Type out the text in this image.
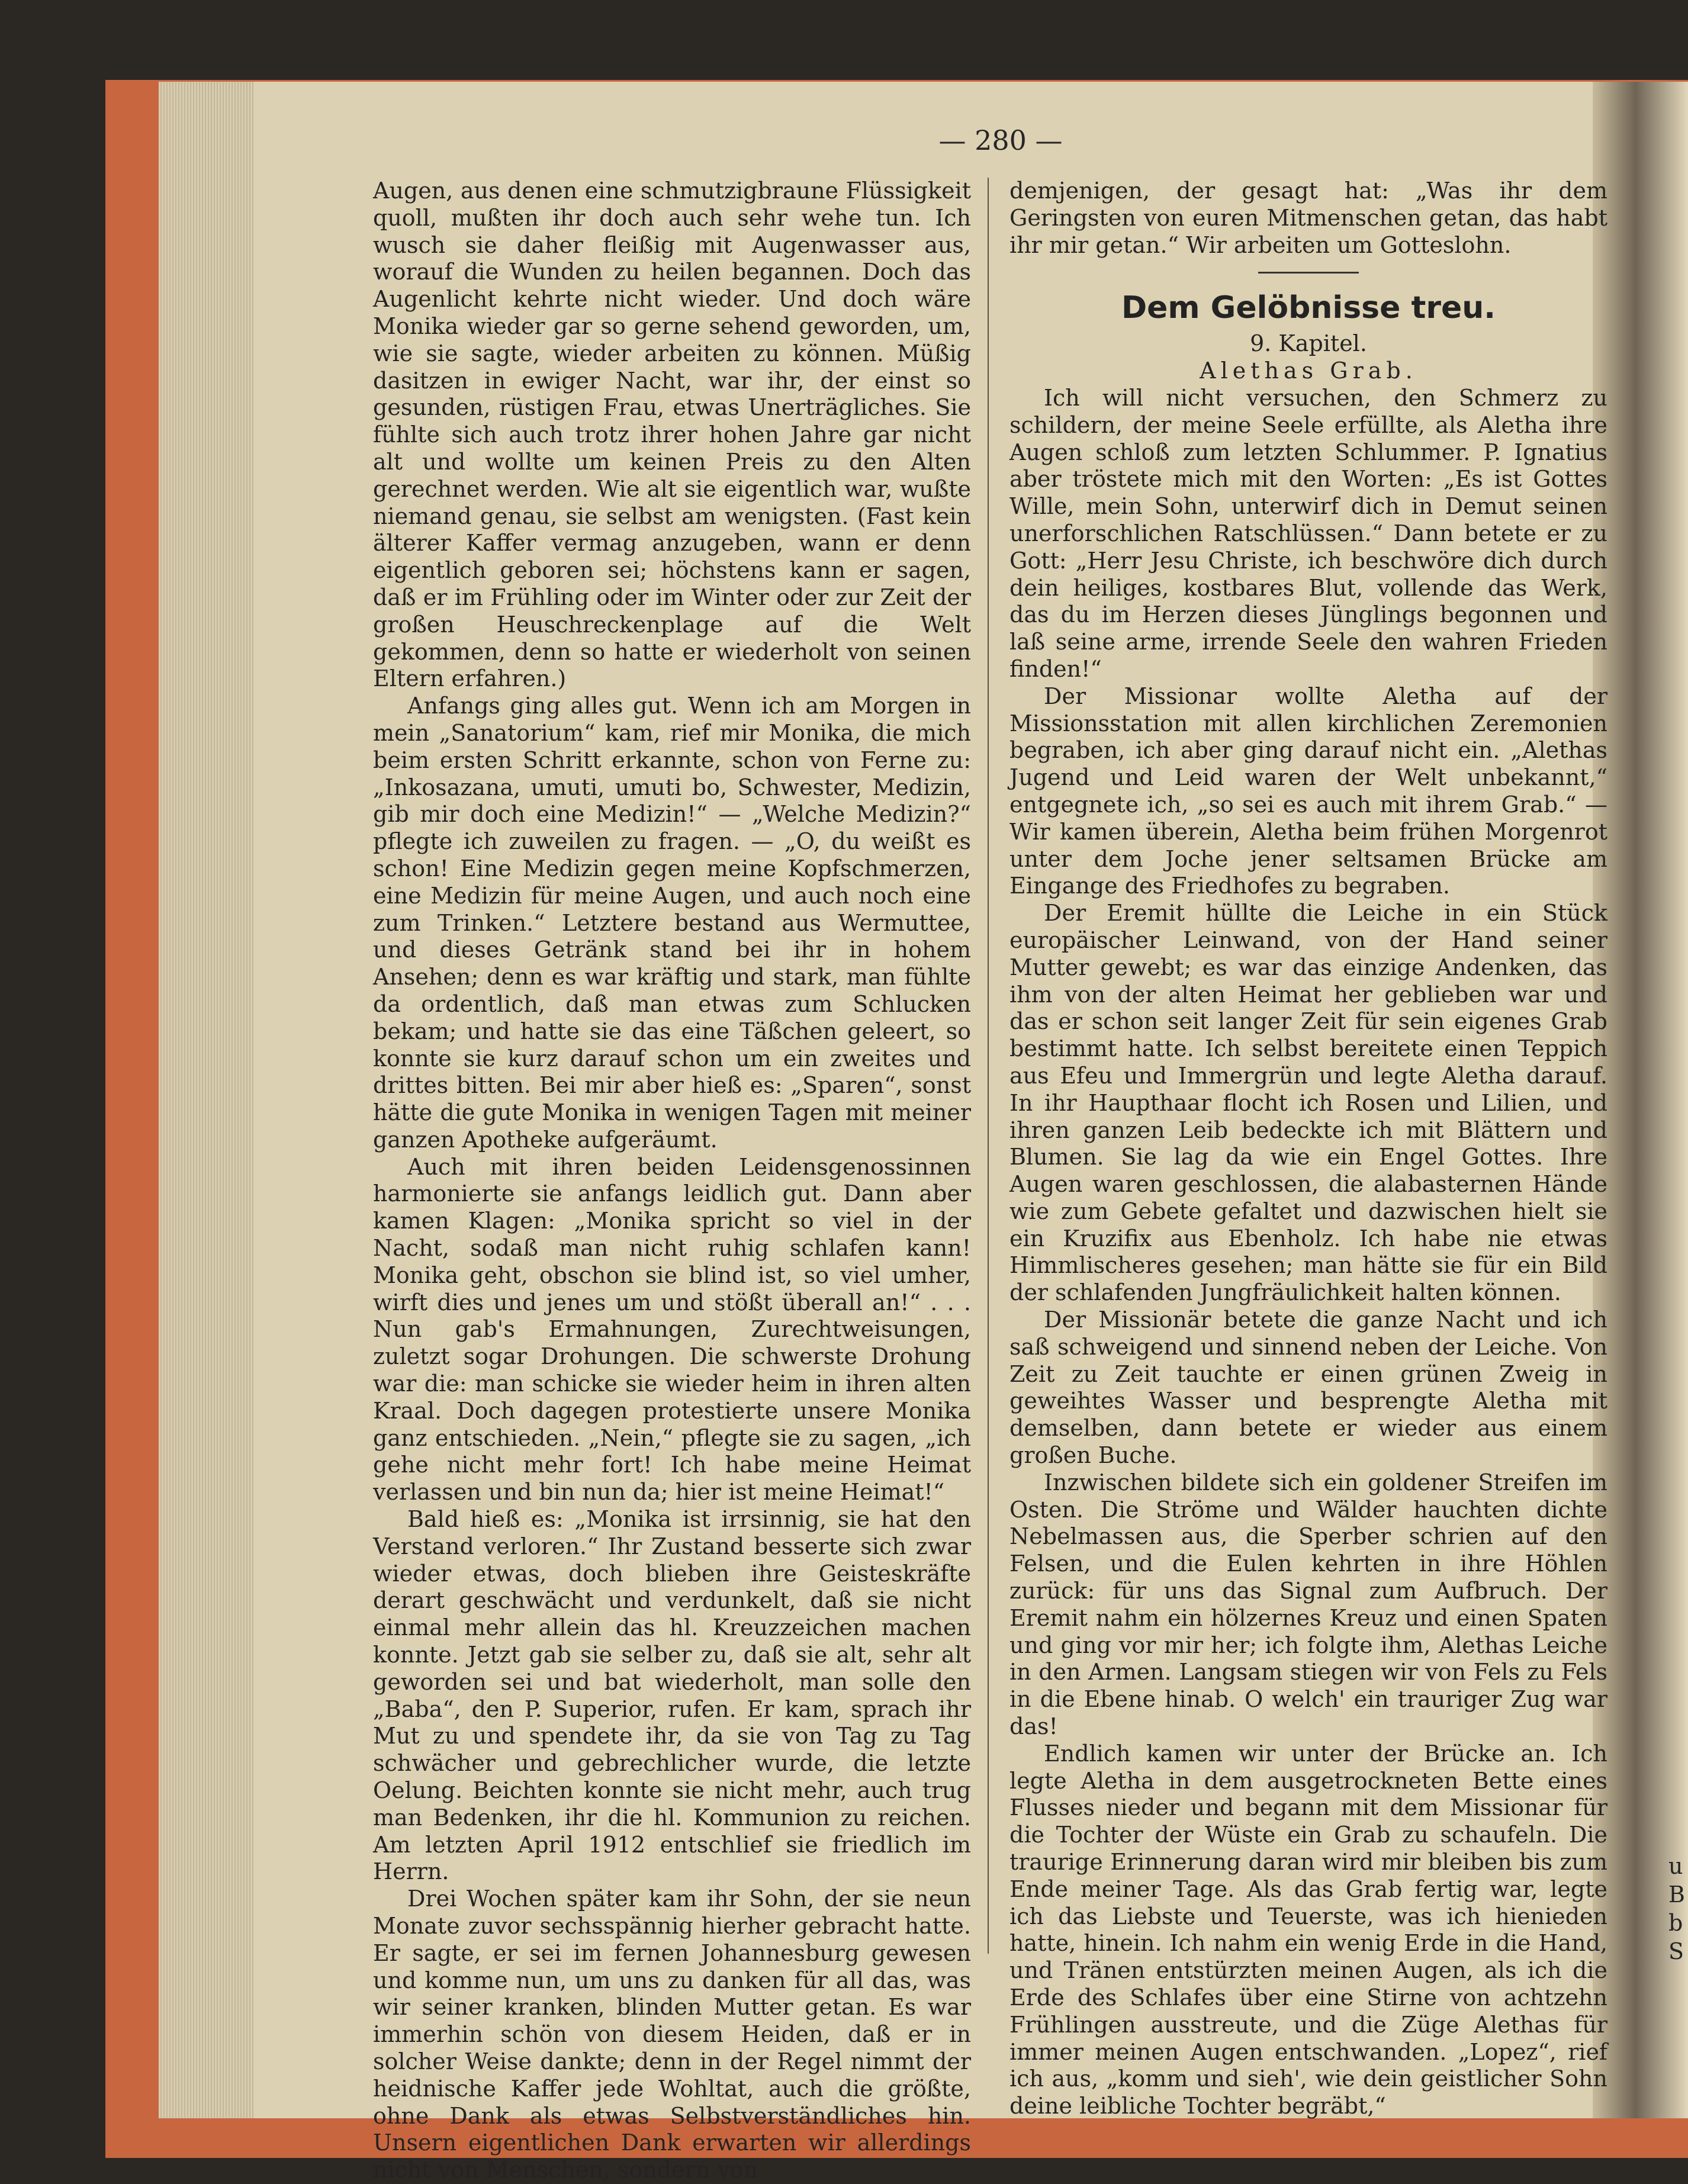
— 280 —

Augen, aus denen eine schmutzigbraune Flüssigkeit quoll, mußten ihr doch auch sehr wehe tun. Ich wusch sie daher fleißig mit Augenwasser aus, worauf die Wunden zu heilen begannen. Doch das Augenlicht kehrte nicht wieder. Und doch wäre Monika wieder gar so gerne sehend geworden, um, wie sie sagte, wieder arbeiten zu können. Müßig dasitzen in ewiger Nacht, war ihr, der einst so gesunden, rüstigen Frau, etwas Unerträgliches. Sie fühlte sich auch trotz ihrer hohen Jahre gar nicht alt und wollte um keinen Preis zu den Alten gerechnet werden. Wie alt sie eigentlich war, wußte niemand genau, sie selbst am wenigsten. (Fast kein älterer Kaffer vermag anzugeben, wann er denn eigentlich geboren sei; höchstens kann er sagen, daß er im Frühling oder im Winter oder zur Zeit der großen Heuschreckenplage auf die Welt gekommen, denn so hatte er wiederholt von seinen Eltern erfahren.)

Anfangs ging alles gut. Wenn ich am Morgen in mein „Sanatorium“ kam, rief mir Monika, die mich beim ersten Schritt erkannte, schon von Ferne zu: „Inkosazana, umuti, umuti bo, Schwester, Medizin, gib mir doch eine Medizin!“ — „Welche Medizin?“ pflegte ich zuweilen zu fragen. — „O, du weißt es schon! Eine Medizin gegen meine Kopfschmerzen, eine Medizin für meine Augen, und auch noch eine zum Trinken.“ Letztere bestand aus Wermuttee, und dieses Getränk stand bei ihr in hohem Ansehen; denn es war kräftig und stark, man fühlte da ordentlich, daß man etwas zum Schlucken bekam; und hatte sie das eine Täßchen geleert, so konnte sie kurz darauf schon um ein zweites und drittes bitten. Bei mir aber hieß es: „Sparen“, sonst hätte die gute Monika in wenigen Tagen mit meiner ganzen Apotheke aufgeräumt.

Auch mit ihren beiden Leidensgenossinnen harmonierte sie anfangs leidlich gut. Dann aber kamen Klagen: „Monika spricht so viel in der Nacht, sodaß man nicht ruhig schlafen kann! Monika geht, obschon sie blind ist, so viel umher, wirft dies und jenes um und stößt überall an!“ . . . Nun gab's Ermahnungen, Zurechtweisungen, zuletzt sogar Drohungen. Die schwerste Drohung war die: man schicke sie wieder heim in ihren alten Kraal. Doch dagegen protestierte unsere Monika ganz entschieden. „Nein,“ pflegte sie zu sagen, „ich gehe nicht mehr fort! Ich habe meine Heimat verlassen und bin nun da; hier ist meine Heimat!“

Bald hieß es: „Monika ist irrsinnig, sie hat den Verstand verloren.“ Ihr Zustand besserte sich zwar wieder etwas, doch blieben ihre Geisteskräfte derart geschwächt und verdunkelt, daß sie nicht einmal mehr allein das hl. Kreuzzeichen machen konnte. Jetzt gab sie selber zu, daß sie alt, sehr alt geworden sei und bat wiederholt, man solle den „Baba“, den P. Superior, rufen. Er kam, sprach ihr Mut zu und spendete ihr, da sie von Tag zu Tag schwächer und gebrechlicher wurde, die letzte Oelung. Beichten konnte sie nicht mehr, auch trug man Bedenken, ihr die hl. Kommunion zu reichen. Am letzten April 1912 entschlief sie friedlich im Herrn.

Drei Wochen später kam ihr Sohn, der sie neun Monate zuvor sechsspännig hierher gebracht hatte. Er sagte, er sei im fernen Johannesburg gewesen und komme nun, um uns zu danken für all das, was wir seiner kranken, blinden Mutter getan. Es war immerhin schön von diesem Heiden, daß er in solcher Weise dankte; denn in der Regel nimmt der heidnische Kaffer jede Wohltat, auch die größte, ohne Dank als etwas Selbstverständliches hin. Unsern eigentlichen Dank erwarten wir allerdings nicht von Menschen, sondern von

demjenigen, der gesagt hat: „Was ihr dem Geringsten von euren Mitmenschen getan, das habt ihr mir getan.“ Wir arbeiten um Gotteslohn.

Dem Gelöbnisse treu.
9. Kapitel.
Alethas Grab.

Ich will nicht versuchen, den Schmerz zu schildern, der meine Seele erfüllte, als Aletha ihre Augen schloß zum letzten Schlummer. P. Ignatius aber tröstete mich mit den Worten: „Es ist Gottes Wille, mein Sohn, unterwirf dich in Demut seinen unerforschlichen Ratschlüssen.“ Dann betete er zu Gott: „Herr Jesu Christe, ich beschwöre dich durch dein heiliges, kostbares Blut, vollende das Werk, das du im Herzen dieses Jünglings begonnen und laß seine arme, irrende Seele den wahren Frieden finden!“

Der Missionar wollte Aletha auf der Missionsstation mit allen kirchlichen Zeremonien begraben, ich aber ging darauf nicht ein. „Alethas Jugend und Leid waren der Welt unbekannt,“ entgegnete ich, „so sei es auch mit ihrem Grab.“ — Wir kamen überein, Aletha beim frühen Morgenrot unter dem Joche jener seltsamen Brücke am Eingange des Friedhofes zu begraben.

Der Eremit hüllte die Leiche in ein Stück europäischer Leinwand, von der Hand seiner Mutter gewebt; es war das einzige Andenken, das ihm von der alten Heimat her geblieben war und das er schon seit langer Zeit für sein eigenes Grab bestimmt hatte. Ich selbst bereitete einen Teppich aus Efeu und Immergrün und legte Aletha darauf. In ihr Haupthaar flocht ich Rosen und Lilien, und ihren ganzen Leib bedeckte ich mit Blättern und Blumen. Sie lag da wie ein Engel Gottes. Ihre Augen waren geschlossen, die alabasternen Hände wie zum Gebete gefaltet und dazwischen hielt sie ein Kruzifix aus Ebenholz. Ich habe nie etwas Himmlischeres gesehen; man hätte sie für ein Bild der schlafenden Jungfräulichkeit halten können.

Der Missionär betete die ganze Nacht und ich saß schweigend und sinnend neben der Leiche. Von Zeit zu Zeit tauchte er einen grünen Zweig in geweihtes Wasser und besprengte Aletha mit demselben, dann betete er wieder aus einem großen Buche.

Inzwischen bildete sich ein goldener Streifen im Osten. Die Ströme und Wälder hauchten dichte Nebelmassen aus, die Sperber schrien auf den Felsen, und die Eulen kehrten in ihre Höhlen zurück: für uns das Signal zum Aufbruch. Der Eremit nahm ein hölzernes Kreuz und einen Spaten und ging vor mir her; ich folgte ihm, Alethas Leiche in den Armen. Langsam stiegen wir von Fels zu Fels in die Ebene hinab. O welch' ein trauriger Zug war das!

Endlich kamen wir unter der Brücke an. Ich legte Aletha in dem ausgetrockneten Bette eines Flusses nieder und begann mit dem Missionar für die Tochter der Wüste ein Grab zu schaufeln. Die traurige Erinnerung daran wird mir bleiben bis zum Ende meiner Tage. Als das Grab fertig war, legte ich das Liebste und Teuerste, was ich hienieden hatte, hinein. Ich nahm ein wenig Erde in die Hand, und Tränen entstürzten meinen Augen, als ich die Erde des Schlafes über eine Stirne von achtzehn Frühlingen ausstreute, und die Züge Alethas für immer meinen Augen entschwanden. „Lopez“, rief ich aus, „komm und sieh', wie dein geistlicher Sohn deine leibliche Tochter begräbt,“

u
B
b
S
